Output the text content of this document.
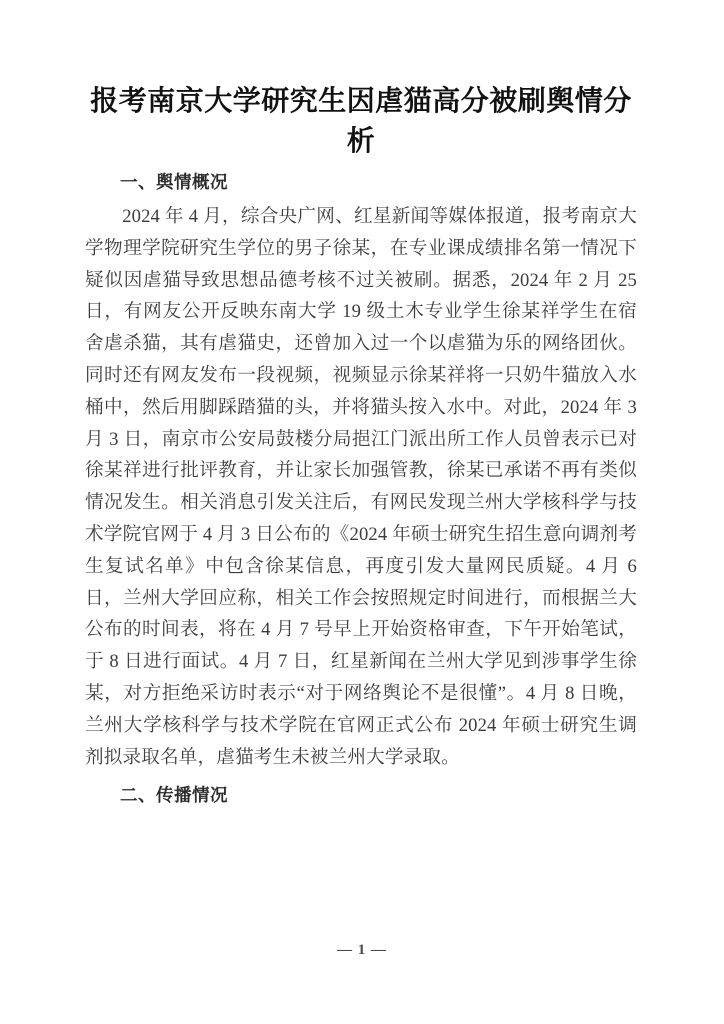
报考南京大学研究生因虐猫高分被刷舆情分析
一、舆情概况

2024 年 4 月，综合央广网、红星新闻等媒体报道，报考南京大学物理学院研究生学位的男子徐某，在专业课成绩排名第一情况下疑似因虐猫导致思想品德考核不过关被刷。据悉，2024 年 2 月 25 日，有网友公开反映东南大学 19 级土木专业学生徐某祥学生在宿舍虐杀猫，其有虐猫史，还曾加入过一个以虐猫为乐的网络团伙。同时还有网友发布一段视频，视频显示徐某祥将一只奶牛猫放入水桶中，然后用脚踩踏猫的头，并将猫头按入水中。对此，2024 年 3 月 3 日，南京市公安局鼓楼分局挹江门派出所工作人员曾表示已对徐某祥进行批评教育，并让家长加强管教，徐某已承诺不再有类似情况发生。相关消息引发关注后，有网民发现兰州大学核科学与技术学院官网于 4 月 3 日公布的《2024 年硕士研究生招生意向调剂考生复试名单》中包含徐某信息，再度引发大量网民质疑。4 月 6 日，兰州大学回应称，相关工作会按照规定时间进行，而根据兰大公布的时间表，将在 4 月 7 号早上开始资格审查，下午开始笔试，于 8 日进行面试。4 月 7 日，红星新闻在兰州大学见到涉事学生徐某，对方拒绝采访时表示“对于网络舆论不是很懂”。4 月 8 日晚，兰州大学核科学与技术学院在官网正式公布 2024 年硕士研究生调剂拟录取名单，虐猫考生未被兰州大学录取。

二、传播情况
— 1 —
